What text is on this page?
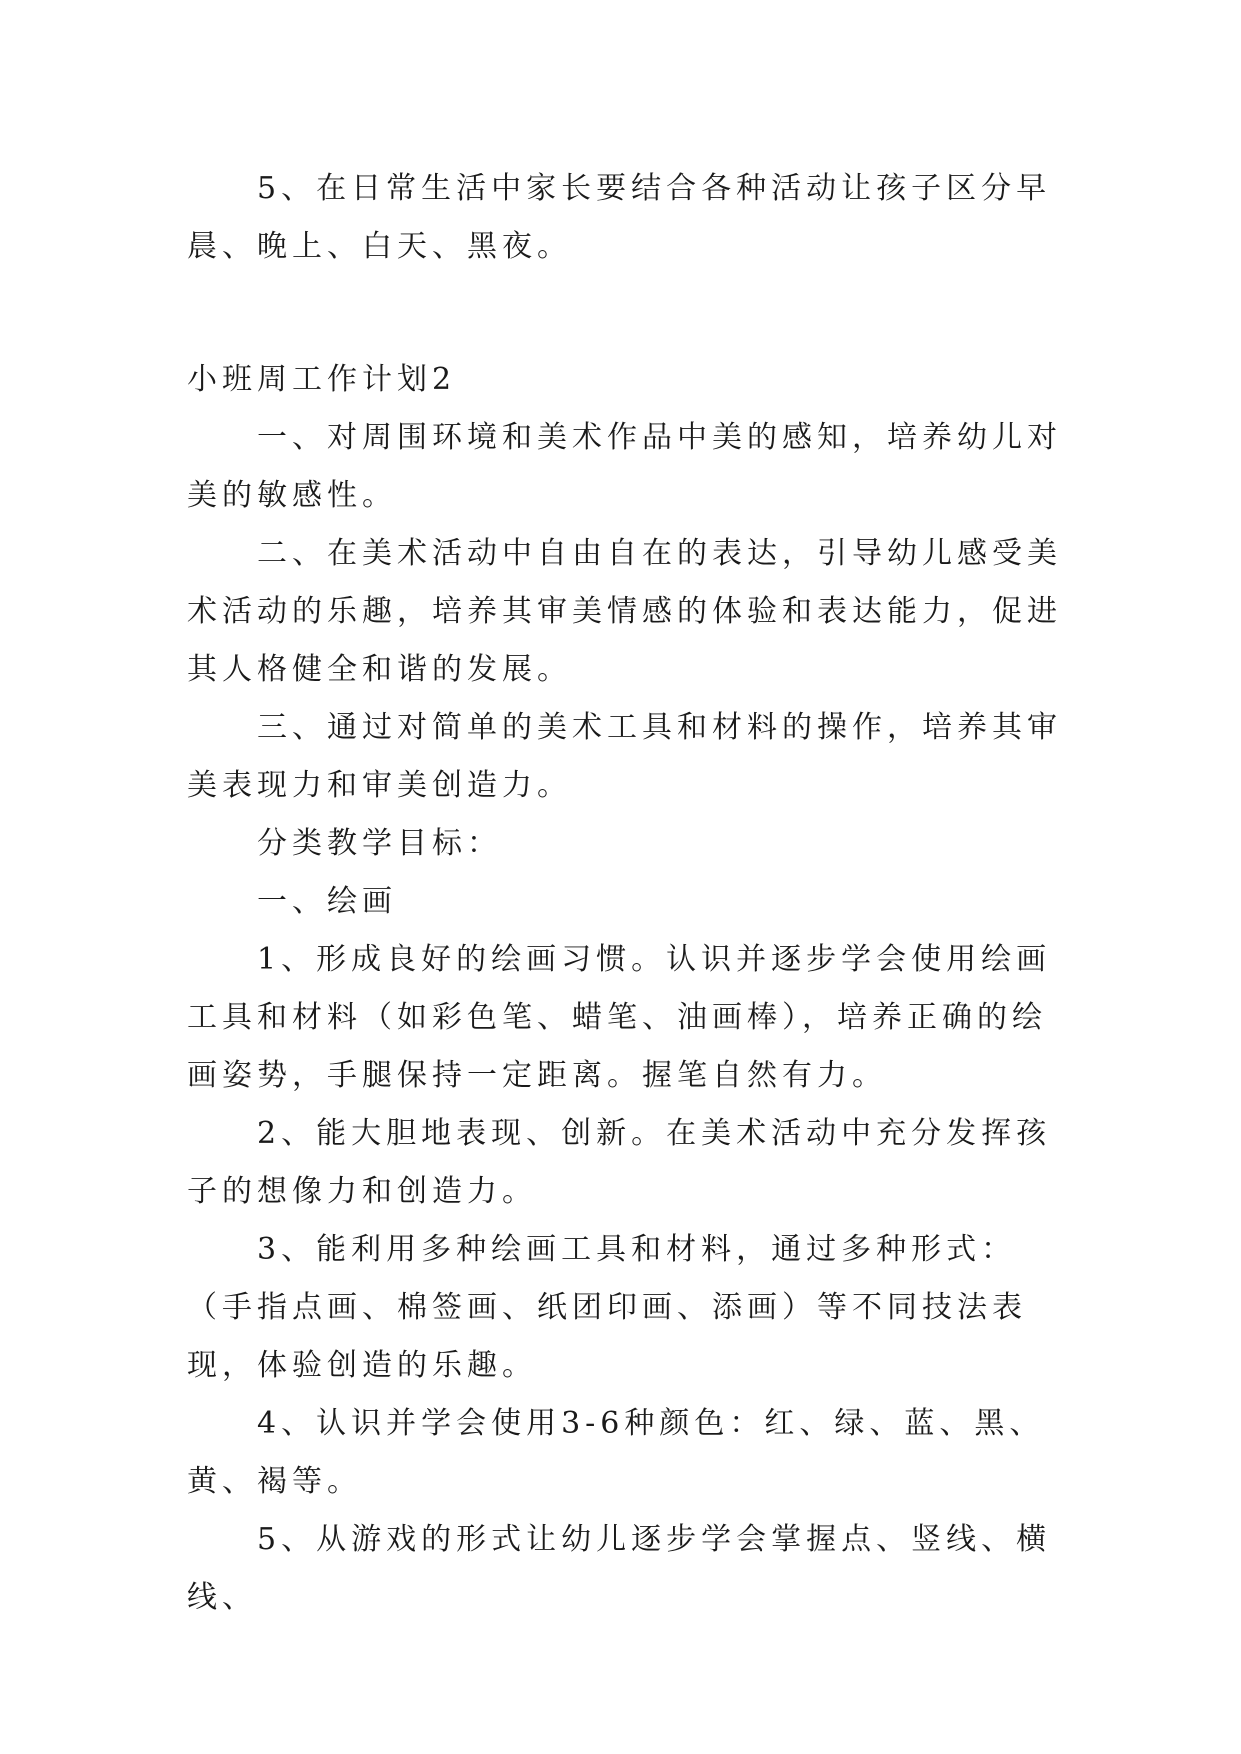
5、在日常生活中家长要结合各种活动让孩子区分早晨、晚上、白天、黑夜。

小班周工作计划2

一、对周围环境和美术作品中美的感知，培养幼儿对美的敏感性。

二、在美术活动中自由自在的表达，引导幼儿感受美术活动的乐趣，培养其审美情感的体验和表达能力，促进其人格健全和谐的发展。

三、通过对简单的美术工具和材料的操作，培养其审美表现力和审美创造力。

分类教学目标：

一、绘画

1、形成良好的绘画习惯。认识并逐步学会使用绘画工具和材料（如彩色笔、蜡笔、油画棒），培养正确的绘画姿势，手腿保持一定距离。握笔自然有力。

2、能大胆地表现、创新。在美术活动中充分发挥孩子的想像力和创造力。

3、能利用多种绘画工具和材料，通过多种形式：（手指点画、棉签画、纸团印画、添画）等不同技法表现，体验创造的乐趣。

4、认识并学会使用3-6种颜色：红、绿、蓝、黑、黄、褐等。

5、从游戏的形式让幼儿逐步学会掌握点、竖线、横线、
